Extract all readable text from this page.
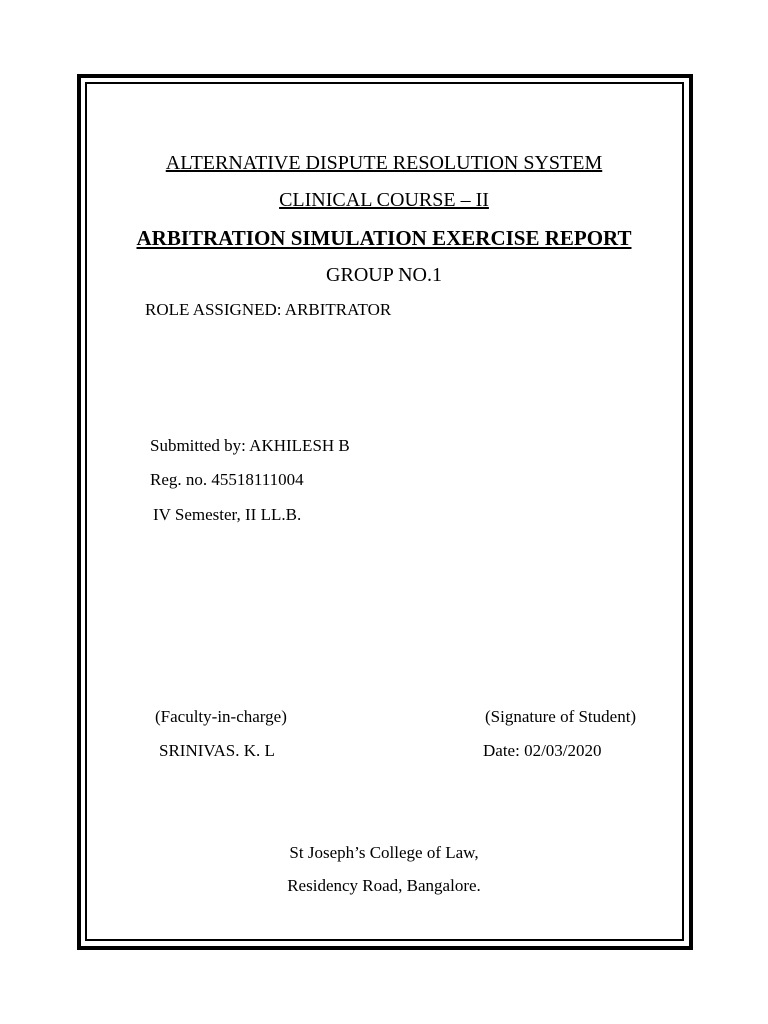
ALTERNATIVE DISPUTE RESOLUTION SYSTEM
CLINICAL COURSE – II
ARBITRATION SIMULATION EXERCISE REPORT
GROUP NO.1
ROLE ASSIGNED: ARBITRATOR
Submitted by: AKHILESH B
Reg. no. 45518111004
IV Semester, II LL.B.
(Faculty-in-charge)
SRINIVAS. K. L
(Signature of Student)
Date: 02/03/2020
St Joseph’s College of Law,
Residency Road, Bangalore.
